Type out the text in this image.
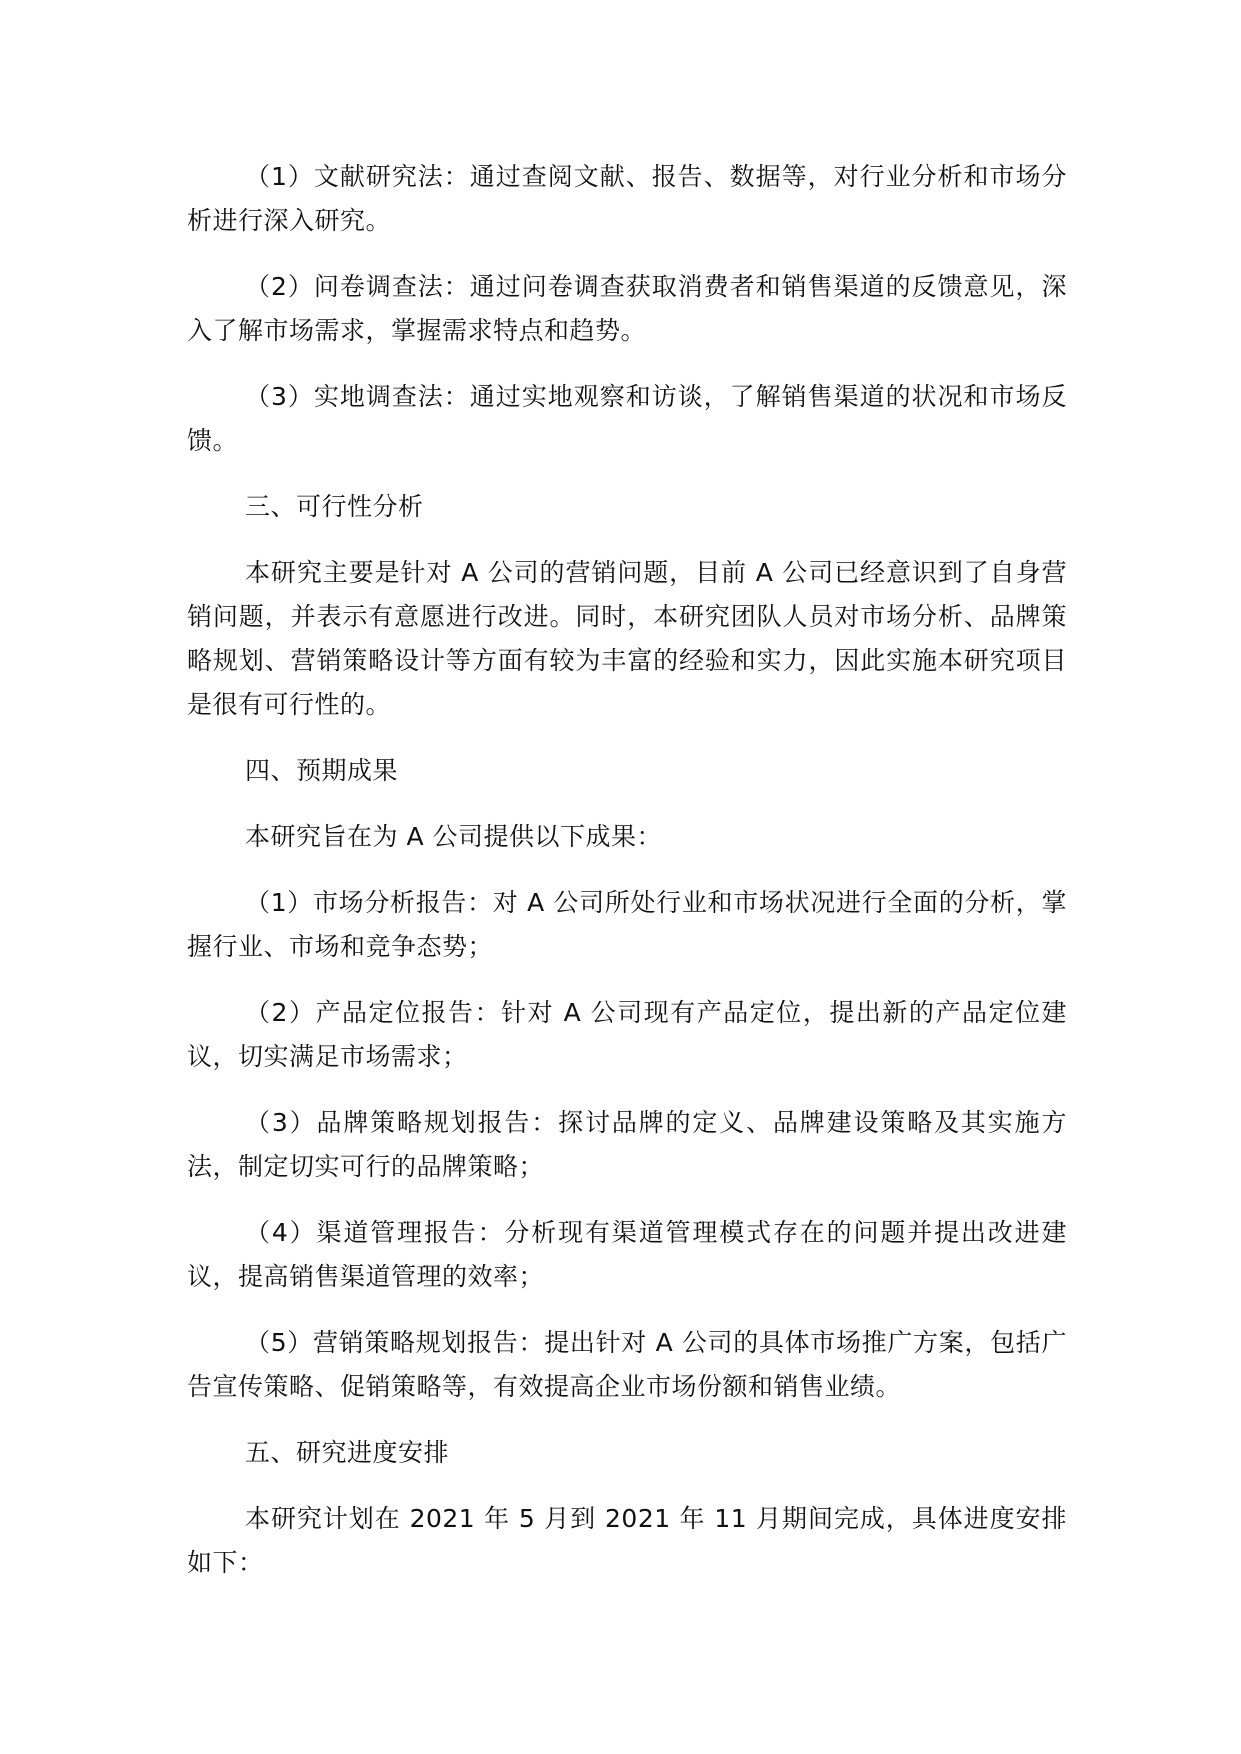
（1）文献研究法：通过查阅文献、报告、数据等，对行业分析和市场分析进行深入研究。

（2）问卷调查法：通过问卷调查获取消费者和销售渠道的反馈意见，深入了解市场需求，掌握需求特点和趋势。

（3）实地调查法：通过实地观察和访谈，了解销售渠道的状况和市场反馈。

三、可行性分析

本研究主要是针对 A 公司的营销问题，目前 A 公司已经意识到了自身营销问题，并表示有意愿进行改进。同时，本研究团队人员对市场分析、品牌策略规划、营销策略设计等方面有较为丰富的经验和实力，因此实施本研究项目是很有可行性的。

四、预期成果

本研究旨在为 A 公司提供以下成果：

（1）市场分析报告：对 A 公司所处行业和市场状况进行全面的分析，掌握行业、市场和竞争态势；

（2）产品定位报告：针对 A 公司现有产品定位，提出新的产品定位建议，切实满足市场需求；

（3）品牌策略规划报告：探讨品牌的定义、品牌建设策略及其实施方法，制定切实可行的品牌策略；

（4）渠道管理报告：分析现有渠道管理模式存在的问题并提出改进建议，提高销售渠道管理的效率；

（5）营销策略规划报告：提出针对 A 公司的具体市场推广方案，包括广告宣传策略、促销策略等，有效提高企业市场份额和销售业绩。

五、研究进度安排

本研究计划在 2021 年 5 月到 2021 年 11 月期间完成，具体进度安排如下：
